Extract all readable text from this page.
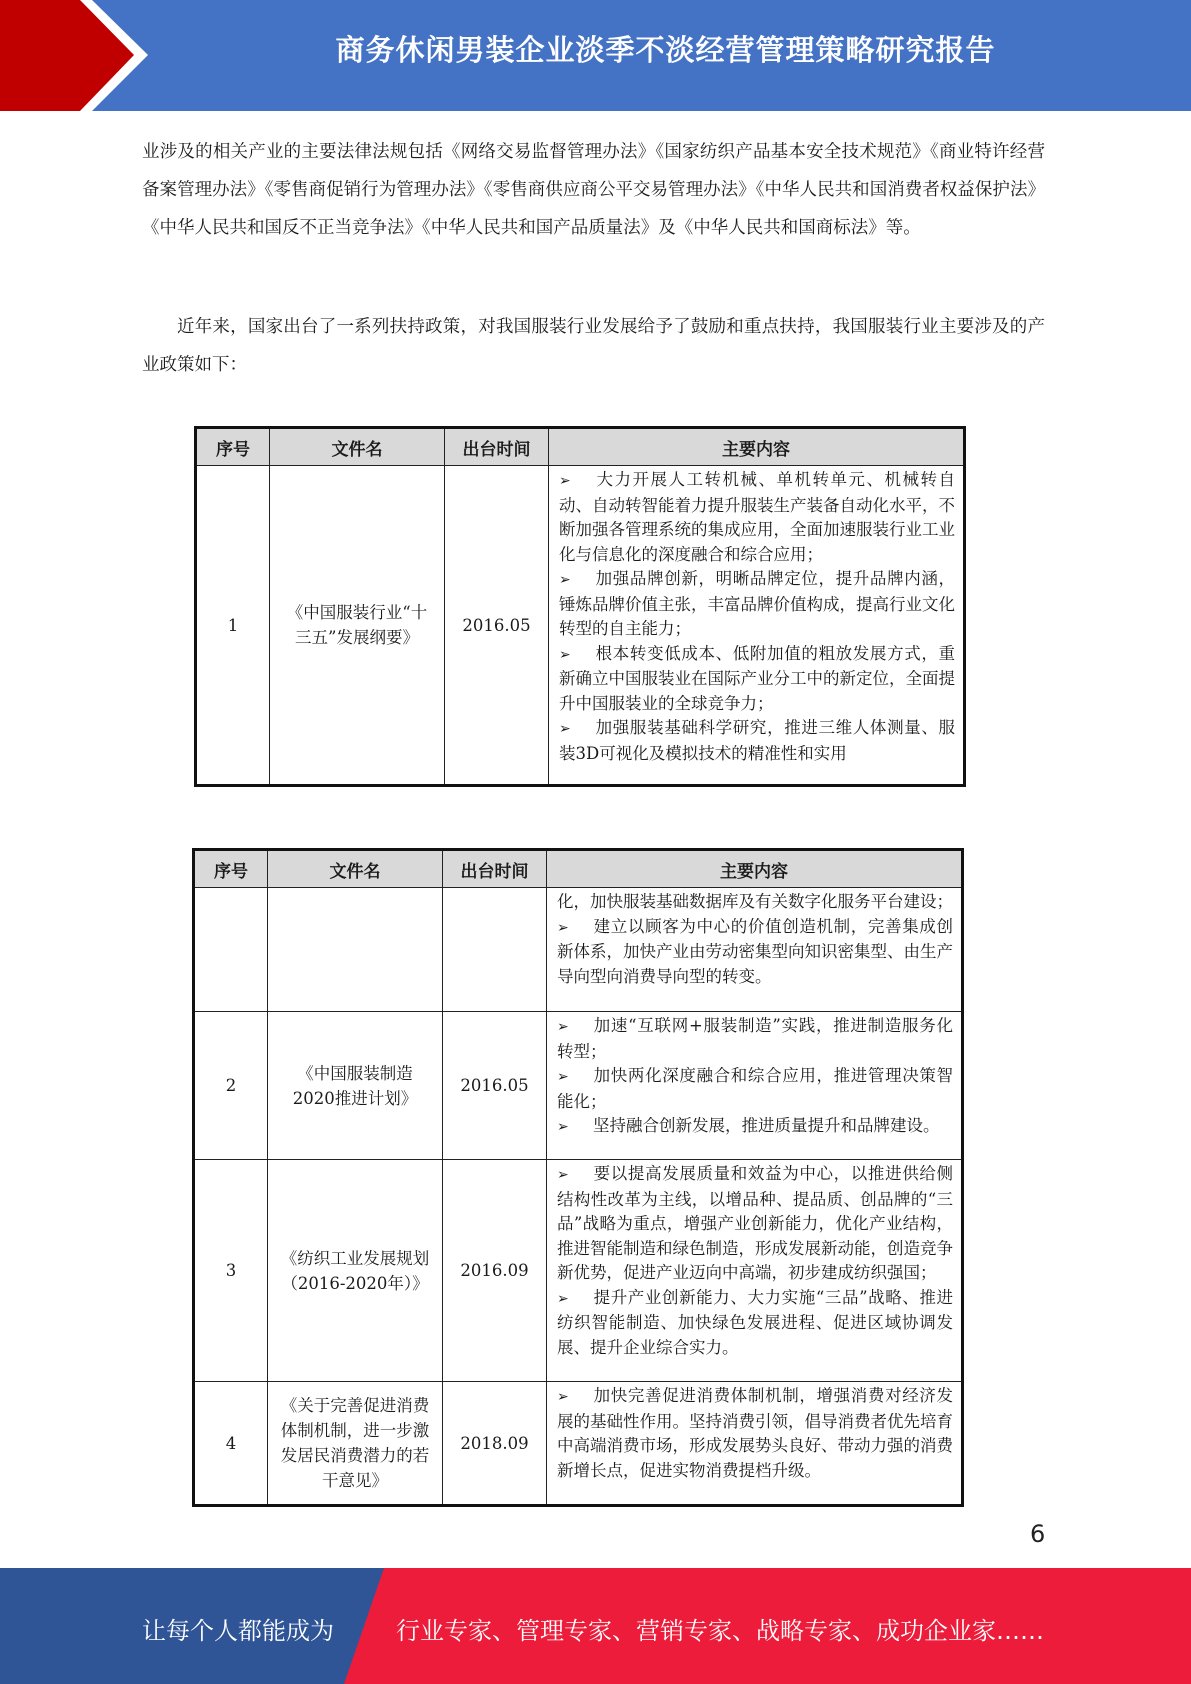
商务休闲男装企业淡季不淡经营管理策略研究报告
业涉及的相关产业的主要法律法规包括《网络交易监督管理办法》《国家纺织产品基本安全技术规范》《商业特许经营备案管理办法》《零售商促销行为管理办法》《零售商供应商公平交易管理办法》《中华人民共和国消费者权益保护法》《中华人民共和国反不正当竞争法》《中华人民共和国产品质量法》及《中华人民共和国商标法》等。
近年来，国家出台了一系列扶持政策，对我国服装行业发展给予了鼓励和重点扶持，我国服装行业主要涉及的产业政策如下：
序号	文件名	出台时间	主要内容
1	《中国服装行业“十三五”发展纲要》	2016.05	➢ 大力开展人工转机械、单机转单元、机械转自动、自动转智能着力提升服装生产装备自动化水平，不断加强各管理系统的集成应用，全面加速服装行业工业化与信息化的深度融合和综合应用；
➢ 加强品牌创新，明晰品牌定位，提升品牌内涵，锤炼品牌价值主张，丰富品牌价值构成，提高行业文化转型的自主能力；
➢ 根本转变低成本、低附加值的粗放发展方式，重新确立中国服装业在国际产业分工中的新定位，全面提升中国服装业的全球竞争力；
➢ 加强服装基础科学研究，推进三维人体测量、服装3D可视化及模拟技术的精准性和实用
序号	文件名	出台时间	主要内容

			化，加快服装基础数据库及有关数字化服务平台建设；
➢ 建立以顾客为中心的价值创造机制，完善集成创新体系，加快产业由劳动密集型向知识密集型、由生产导向型向消费导向型的转变。

2	《中国服装制造2020推进计划》	2016.05	➢ 加速“互联网+服装制造”实践，推进制造服务化转型；
➢ 加快两化深度融合和综合应用，推进管理决策智能化；
➢ 坚持融合创新发展，推进质量提升和品牌建设。

3	《纺织工业发展规划（2016-2020年）》	2016.09	➢ 要以提高发展质量和效益为中心，以推进供给侧结构性改革为主线，以增品种、提品质、创品牌的“三品”战略为重点，增强产业创新能力，优化产业结构，推进智能制造和绿色制造，形成发展新动能，创造竞争新优势，促进产业迈向中高端，初步建成纺织强国；
➢ 提升产业创新能力、大力实施“三品”战略、推进纺织智能制造、加快绿色发展进程、促进区域协调发展、提升企业综合实力。

4	《关于完善促进消费体制机制，进一步激发居民消费潜力的若干意见》	2018.09	➢ 加快完善促进消费体制机制，增强消费对经济发展的基础性作用。坚持消费引领，倡导消费者优先培育中高端消费市场，形成发展势头良好、带动力强的消费新增长点，促进实物消费提档升级。
6
让每个人都能成为	行业专家、管理专家、营销专家、战略专家、成功企业家……
